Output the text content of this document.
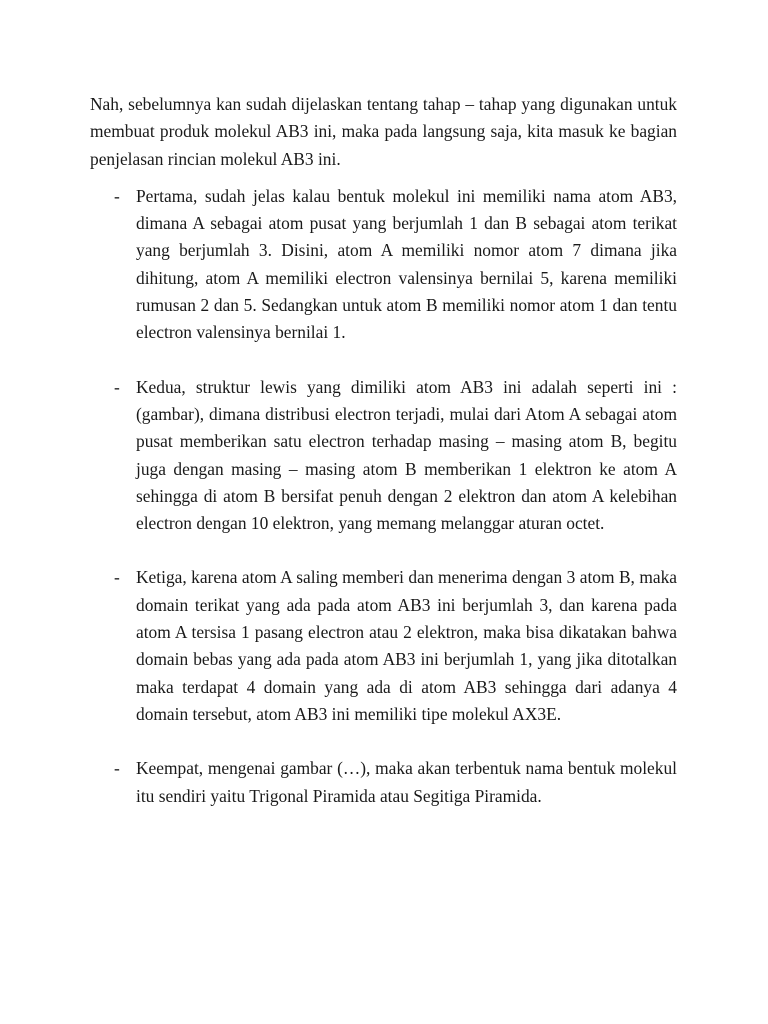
Nah, sebelumnya kan sudah dijelaskan tentang tahap – tahap yang digunakan untuk membuat produk molekul AB3 ini, maka pada langsung saja, kita masuk ke bagian penjelasan rincian molekul AB3 ini.

- Pertama, sudah jelas kalau bentuk molekul ini memiliki nama atom AB3, dimana A sebagai atom pusat yang berjumlah 1 dan B sebagai atom terikat yang berjumlah 3. Disini, atom A memiliki nomor atom 7 dimana jika dihitung, atom A memiliki electron valensinya bernilai 5, karena memiliki rumusan 2 dan 5. Sedangkan untuk atom B memiliki nomor atom 1 dan tentu electron valensinya bernilai 1.
- Kedua, struktur lewis yang dimiliki atom AB3 ini adalah seperti ini : (gambar), dimana distribusi electron terjadi, mulai dari Atom A sebagai atom pusat memberikan satu electron terhadap masing – masing atom B, begitu juga dengan masing – masing atom B memberikan 1 elektron ke atom A sehingga di atom B bersifat penuh dengan 2 elektron dan atom A kelebihan electron dengan 10 elektron, yang memang melanggar aturan octet.
- Ketiga, karena atom A saling memberi dan menerima dengan 3 atom B, maka domain terikat yang ada pada atom AB3 ini berjumlah 3, dan karena pada atom A tersisa 1 pasang electron atau 2 elektron, maka bisa dikatakan bahwa domain bebas yang ada pada atom AB3 ini berjumlah 1, yang jika ditotalkan maka terdapat 4 domain yang ada di atom AB3 sehingga dari adanya 4 domain tersebut, atom AB3 ini memiliki tipe molekul AX3E.
- Keempat, mengenai gambar (…), maka akan terbentuk nama bentuk molekul itu sendiri yaitu Trigonal Piramida atau Segitiga Piramida.
